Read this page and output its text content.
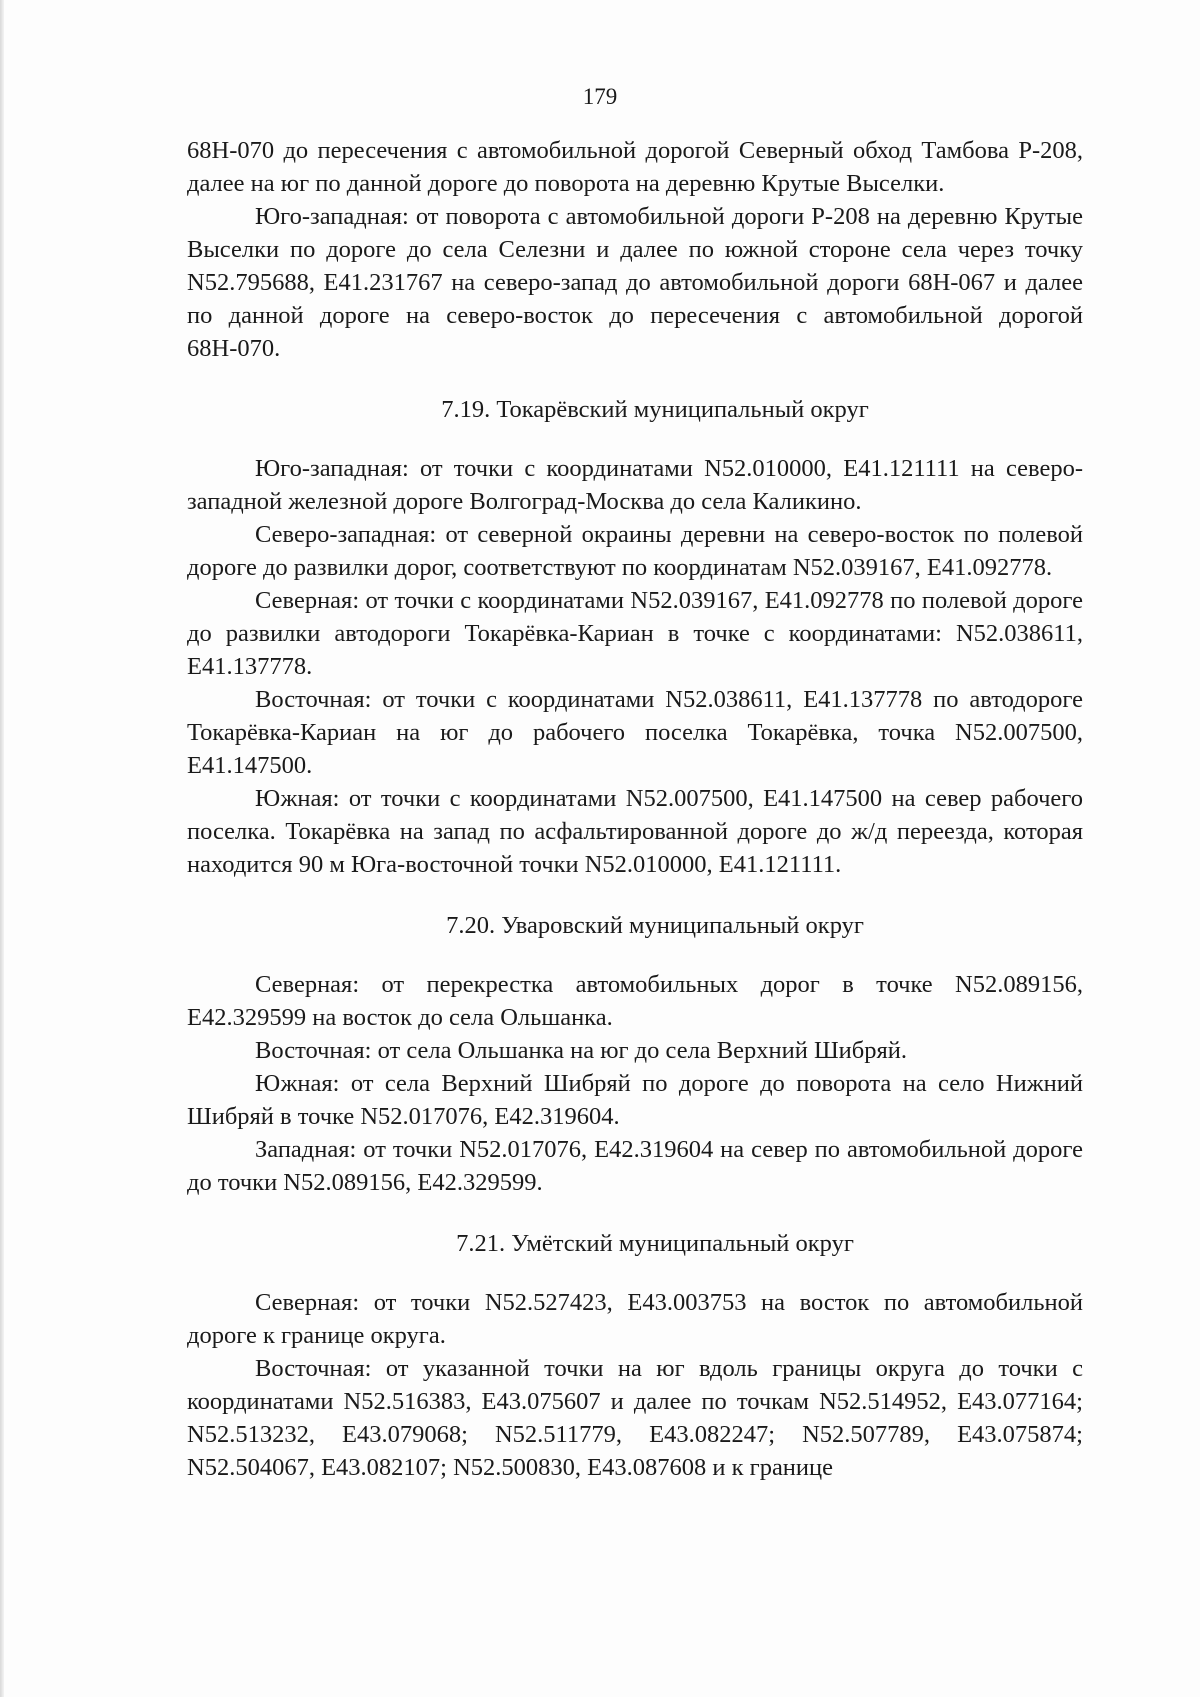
179

68Н-070 до пересечения с автомобильной дорогой Северный обход Тамбова Р-208, далее на юг по данной дороге до поворота на деревню Крутые Выселки.

Юго-западная: от поворота с автомобильной дороги Р-208 на деревню Крутые Выселки по дороге до села Селезни и далее по южной стороне села через точку N52.795688, E41.231767 на северо-запад до автомобильной дороги 68Н-067 и далее по данной дороге на северо-восток до пересечения с автомобильной дорогой 68Н-070.

7.19. Токарёвский муниципальный округ

Юго-западная: от точки с координатами N52.010000, E41.121111 на северо-западной железной дороге Волгоград-Москва до села Каликино.

Северо-западная: от северной окраины деревни на северо-восток по полевой дороге до развилки дорог, соответствуют по координатам N52.039167, E41.092778.

Северная: от точки с координатами N52.039167, E41.092778 по полевой дороге до развилки автодороги Токарёвка-Кариан в точке с координатами: N52.038611, E41.137778.

Восточная: от точки с координатами N52.038611, E41.137778 по автодороге Токарёвка-Кариан на юг до рабочего поселка Токарёвка, точка N52.007500, E41.147500.

Южная: от точки с координатами N52.007500, E41.147500 на север рабочего поселка. Токарёвка на запад по асфальтированной дороге до ж/д переезда, которая находится 90 м Юга-восточной точки N52.010000, E41.121111.

7.20. Уваровский муниципальный округ

Северная: от перекрестка автомобильных дорог в точке N52.089156, E42.329599 на восток до села Ольшанка.

Восточная: от села Ольшанка на юг до села Верхний Шибряй.

Южная: от села Верхний Шибряй по дороге до поворота на село Нижний Шибряй в точке N52.017076, E42.319604.

Западная: от точки N52.017076, E42.319604 на север по автомобильной дороге до точки N52.089156, E42.329599.

7.21. Умётский муниципальный округ

Северная: от точки N52.527423, E43.003753 на восток по автомобильной дороге к границе округа.

Восточная: от указанной точки на юг вдоль границы округа до точки с координатами N52.516383, E43.075607 и далее по точкам N52.514952, E43.077164; N52.513232, E43.079068; N52.511779, E43.082247; N52.507789, E43.075874; N52.504067, E43.082107; N52.500830, E43.087608 и к границе
